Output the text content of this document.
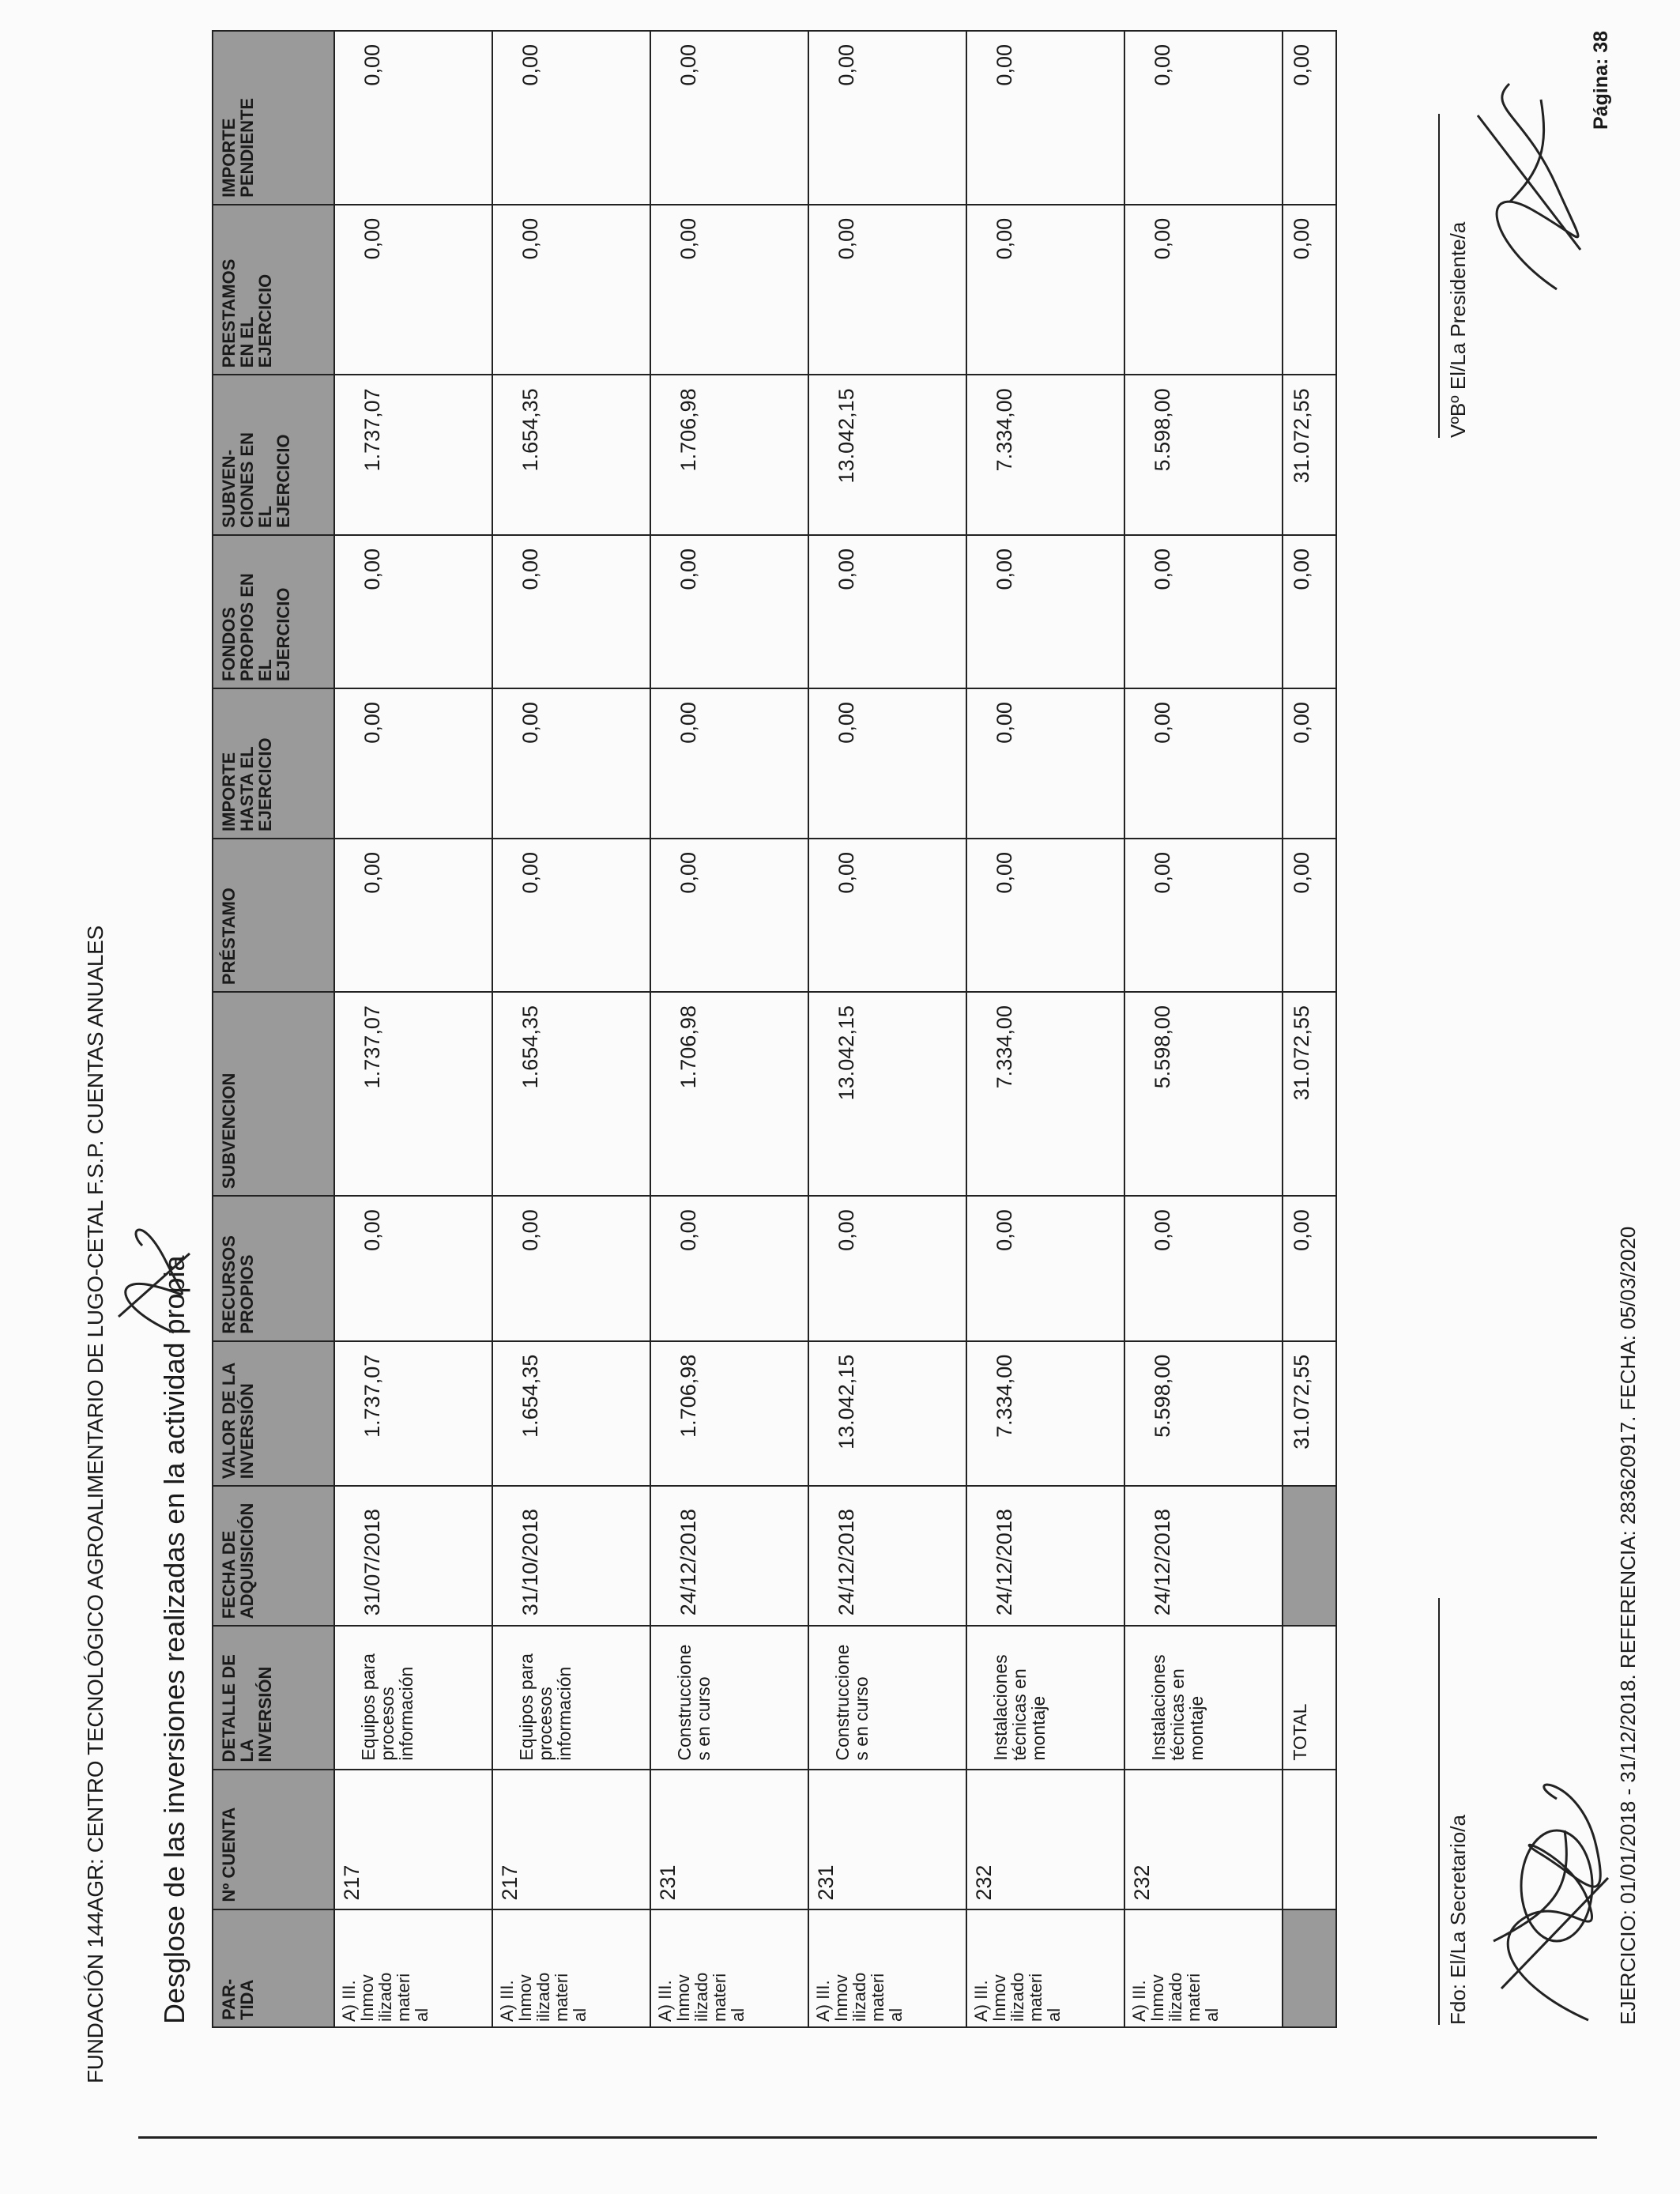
FUNDACIÓN 144AGR: CENTRO TECNOLÓGICO AGROALIMENTARIO DE LUGO-CETAL F.S.P. CUENTAS ANUALES Desglose de las inversiones realizadas en la actividad propia PAR-
TIDA	Nº CUENTA	DETALLE DE
LA
INVERSIÓN	FECHA DE
ADQUISICIÓN	VALOR DE LA
INVERSIÓN	RECURSOS
PROPIOS	SUBVENCION	PRÉSTAMO	IMPORTE
HASTA EL
EJERCICIO	FONDOS
PROPIOS EN
EL
EJERCICIO	SUBVEN-
CIONES EN
EL
EJERCICIO	PRESTAMOS
EN EL
EJERCICIO	IMPORTE
PENDIENTE
A) III.
Inmov
ilizado
materi
al	217	Equipos para
procesos
información	31/07/2018	1.737,07	0,00	1.737,07	0,00	0,00	0,00	1.737,07	0,00	0,00
A) III.
Inmov
ilizado
materi
al	217	Equipos para
procesos
información	31/10/2018	1.654,35	0,00	1.654,35	0,00	0,00	0,00	1.654,35	0,00	0,00
A) III.
Inmov
ilizado
materi
al	231	Construccione
s en curso	24/12/2018	1.706,98	0,00	1.706,98	0,00	0,00	0,00	1.706,98	0,00	0,00
A) III.
Inmov
ilizado
materi
al	231	Construccione
s en curso	24/12/2018	13.042,15	0,00	13.042,15	0,00	0,00	0,00	13.042,15	0,00	0,00
A) III.
Inmov
ilizado
materi
al	232	Instalaciones
técnicas en
montaje	24/12/2018	7.334,00	0,00	7.334,00	0,00	0,00	0,00	7.334,00	0,00	0,00
A) III.
Inmov
ilizado
materi
al	232	Instalaciones
técnicas en
montaje	24/12/2018	5.598,00	0,00	5.598,00	0,00	0,00	0,00	5.598,00	0,00	0,00
		TOTAL		31.072,55	0,00	31.072,55	0,00	0,00	0,00	31.072,55	0,00	0,00
Fdo: El/La Secretario/a
VºBº El/La Presidente/a
EJERCICIO: 01/01/2018 - 31/12/2018. REFERENCIA: 283620917. FECHA: 05/03/2020
Página: 38
